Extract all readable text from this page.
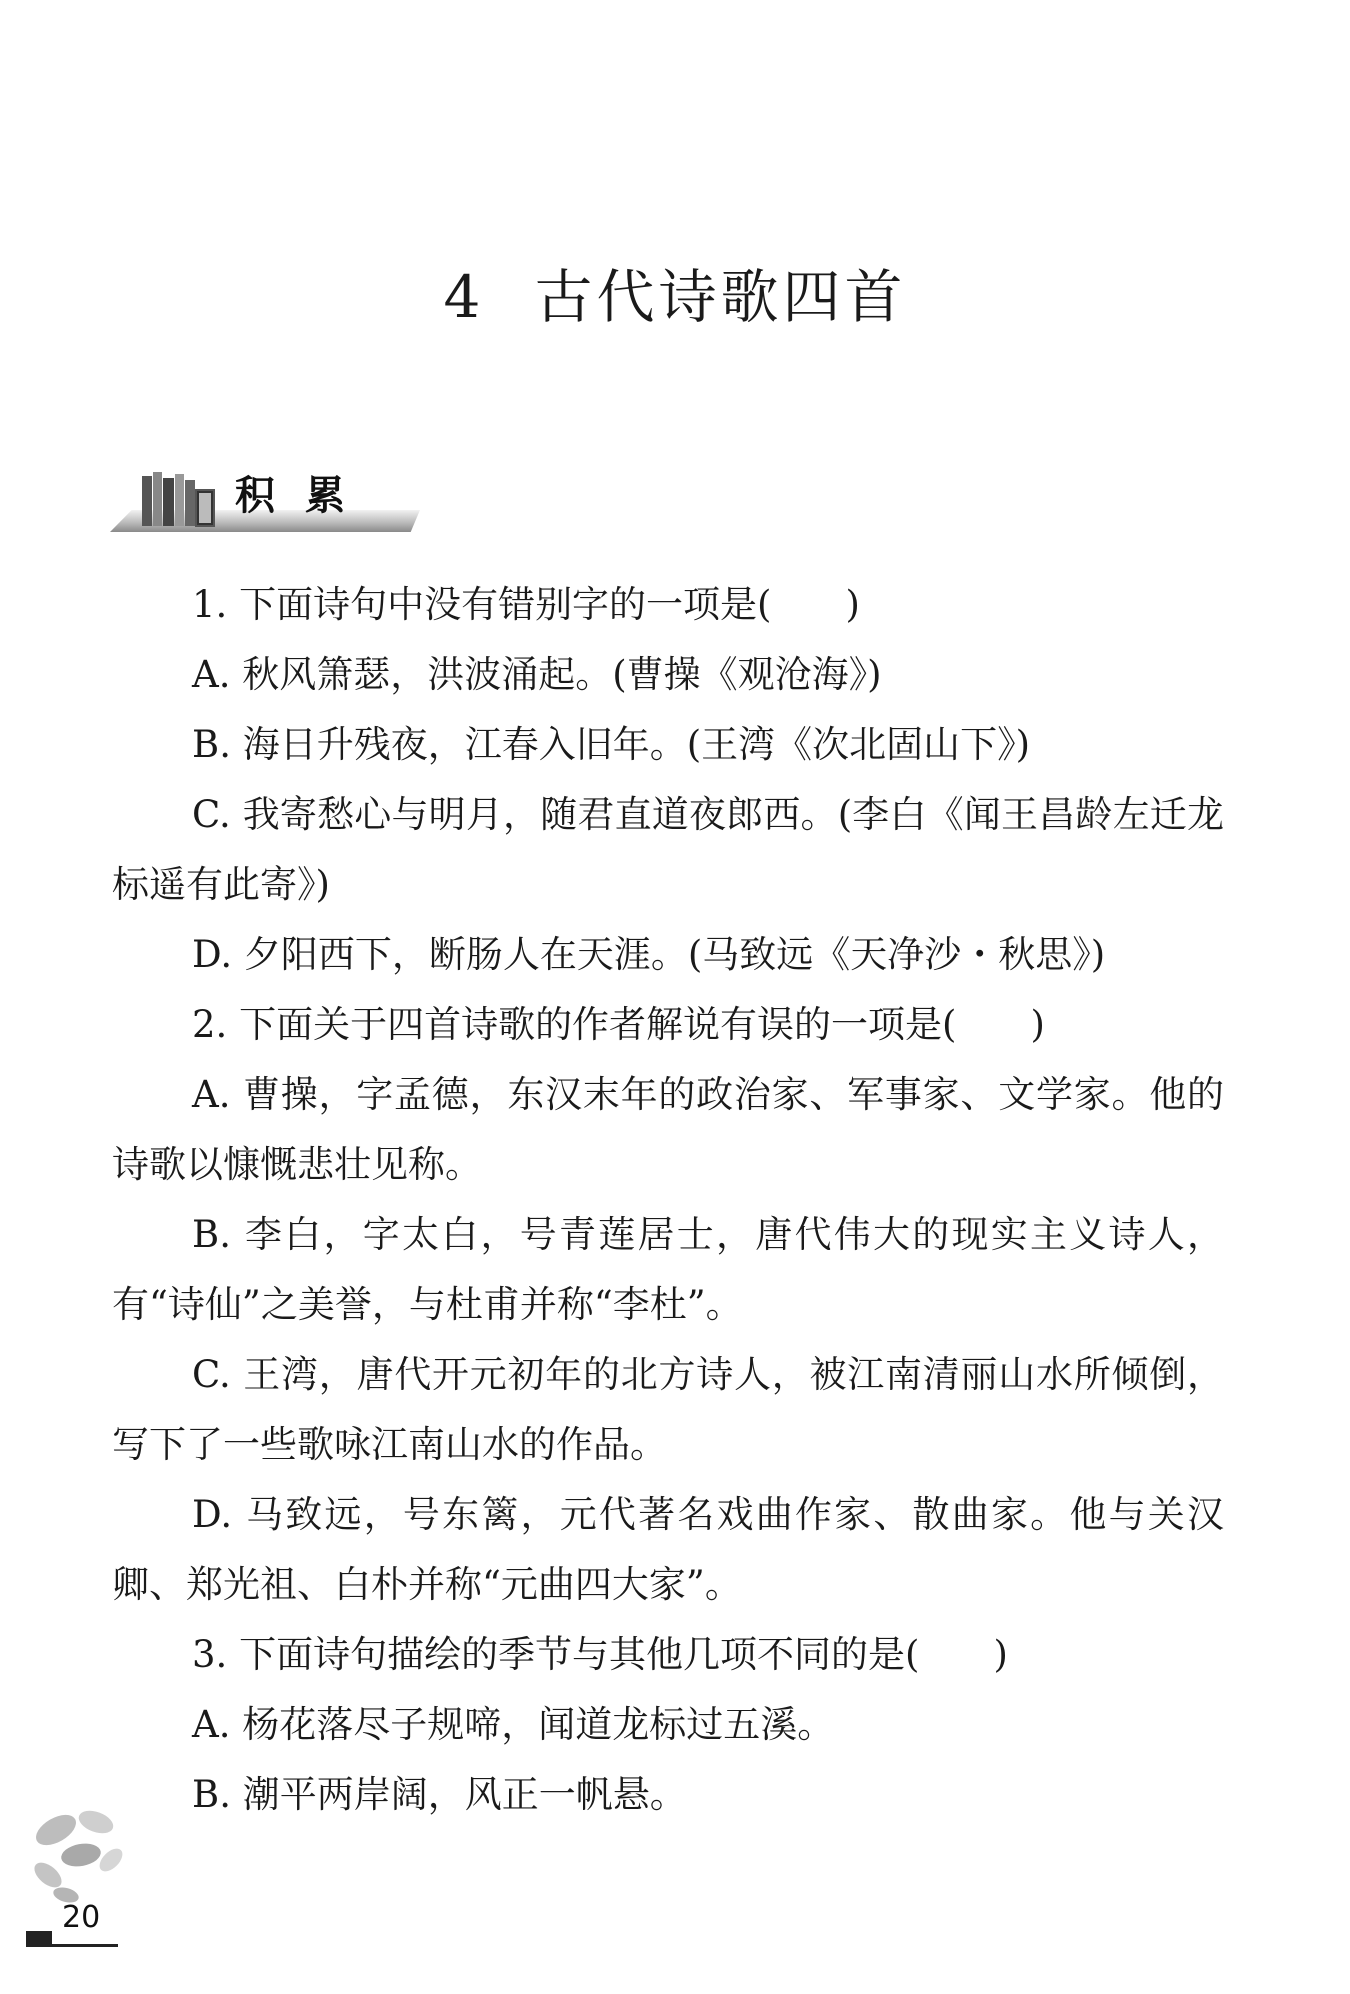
4 古代诗歌四首
积累

1. 下面诗句中没有错别字的一项是(　　)

A. 秋风箫瑟，洪波涌起。(曹操《观沧海》)

B. 海日升残夜，江春入旧年。(王湾《次北固山下》)

C. 我寄愁心与明月，随君直道夜郎西。(李白《闻王昌龄左迁龙标遥有此寄》)

D. 夕阳西下，断肠人在天涯。(马致远《天净沙・秋思》)

2. 下面关于四首诗歌的作者解说有误的一项是(　　)

A. 曹操，字孟德，东汉末年的政治家、军事家、文学家。他的诗歌以慷慨悲壮见称。

B. 李白，字太白，号青莲居士，唐代伟大的现实主义诗人，有“诗仙”之美誉，与杜甫并称“李杜”。

C. 王湾，唐代开元初年的北方诗人，被江南清丽山水所倾倒，写下了一些歌咏江南山水的作品。

D. 马致远，号东篱，元代著名戏曲作家、散曲家。他与关汉卿、郑光祖、白朴并称“元曲四大家”。

3. 下面诗句描绘的季节与其他几项不同的是(　　)

A. 杨花落尽子规啼，闻道龙标过五溪。

B. 潮平两岸阔，风正一帆悬。

20
